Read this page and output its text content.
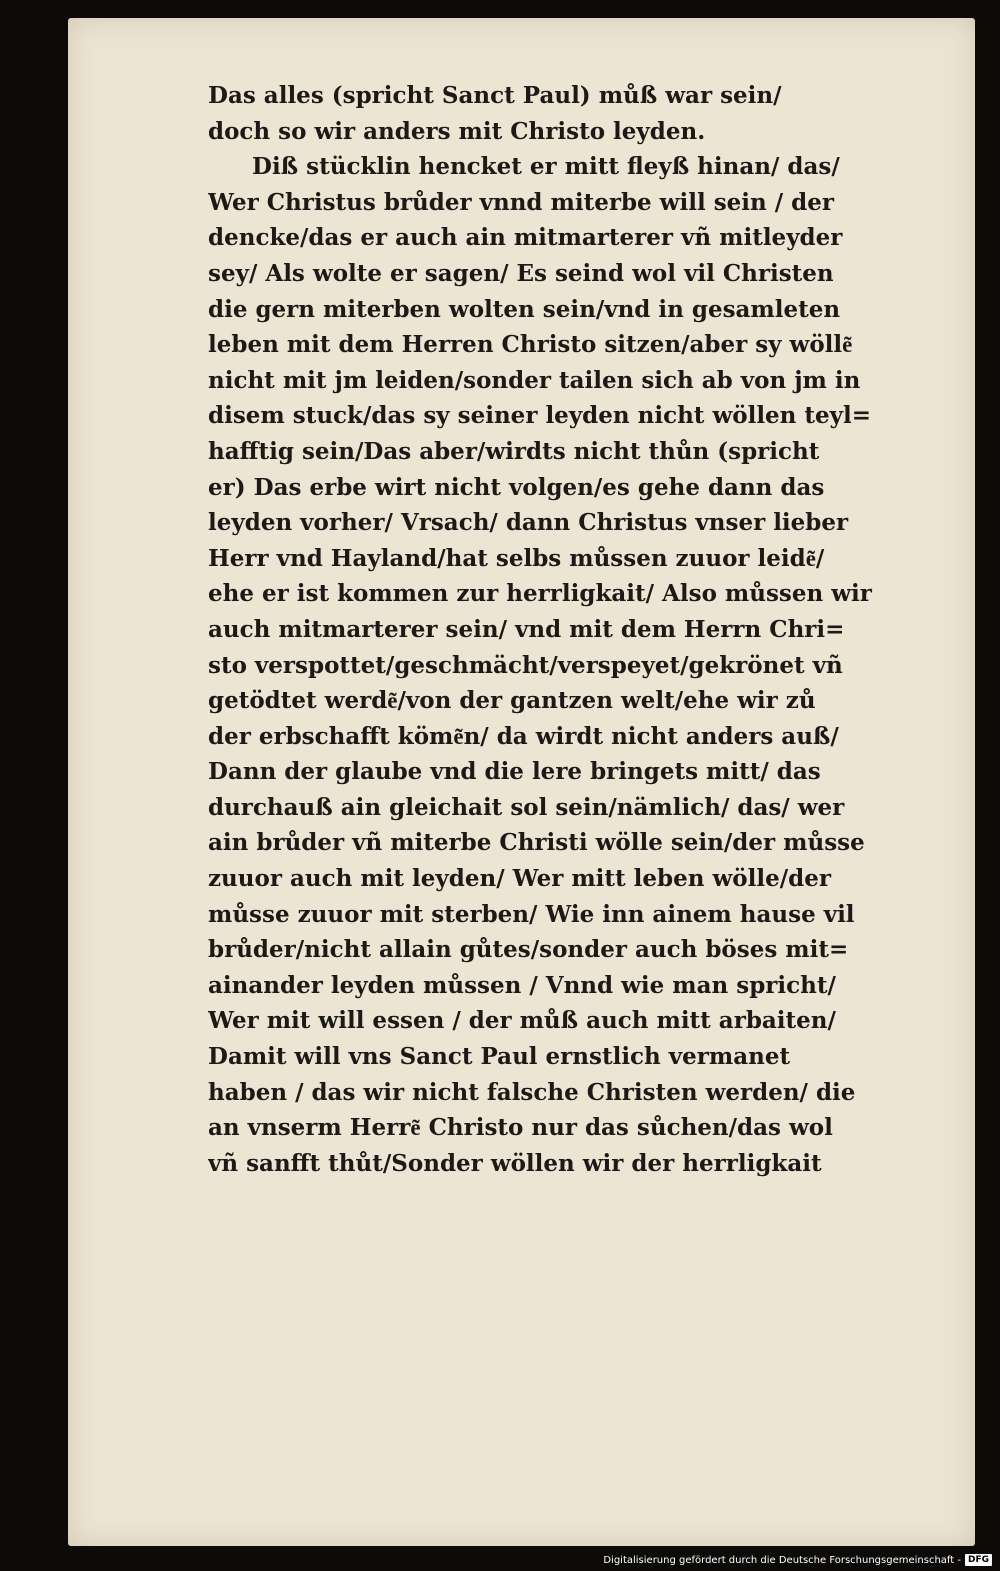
Das alles (spricht Sanct Paul) můß war sein/
doch so wir anders mit Christo leyden.
Diß stücklin hencket er mitt fleyß hinan/ das/
Wer Christus brůder vnnd miterbe will sein / der
dencke/das er auch ain mitmarterer vñ mitleyder
sey/ Als wolte er sagen/ Es seind wol vil Christen
die gern miterben wolten sein/vnd in gesamleten
leben mit dem Herren Christo sitzen/aber sy wölle͂
nicht mit jm leiden/sonder tailen sich ab von jm in
disem stuck/das sy seiner leyden nicht wöllen teyl=
hafftig sein/Das aber/wirdts nicht thůn (spricht
er) Das erbe wirt nicht volgen/es gehe dann das
leyden vorher/ Vrsach/ dann Christus vnser lieber
Herr vnd Hayland/hat selbs můssen zuuor leide͂/
ehe er ist kommen zur herrligkait/ Also můssen wir
auch mitmarterer sein/ vnd mit dem Herrn Chri=
sto verspottet/geschmächt/verspeyet/gekrönet vñ
getödtet werde͂/von der gantzen welt/ehe wir zů
der erbschafft köme͂n/ da wirdt nicht anders auß/
Dann der glaube vnd die lere bringets mitt/ das
durchauß ain gleichait sol sein/nämlich/ das/ wer
ain brůder vñ miterbe Christi wölle sein/der můsse
zuuor auch mit leyden/ Wer mitt leben wölle/der
můsse zuuor mit sterben/ Wie inn ainem hause vil
brůder/nicht allain gůtes/sonder auch böses mit=
ainander leyden můssen / Vnnd wie man spricht/
Wer mit will essen / der můß auch mitt arbaiten/
Damit will vns Sanct Paul ernstlich vermanet
haben / das wir nicht falsche Christen werden/ die
an vnserm Herre͂ Christo nur das sůchen/das wol
vñ sanfft thůt/Sonder wöllen wir der herrligkait
Digitalisierung gefördert durch die Deutsche Forschungsgemeinschaft - DFG
